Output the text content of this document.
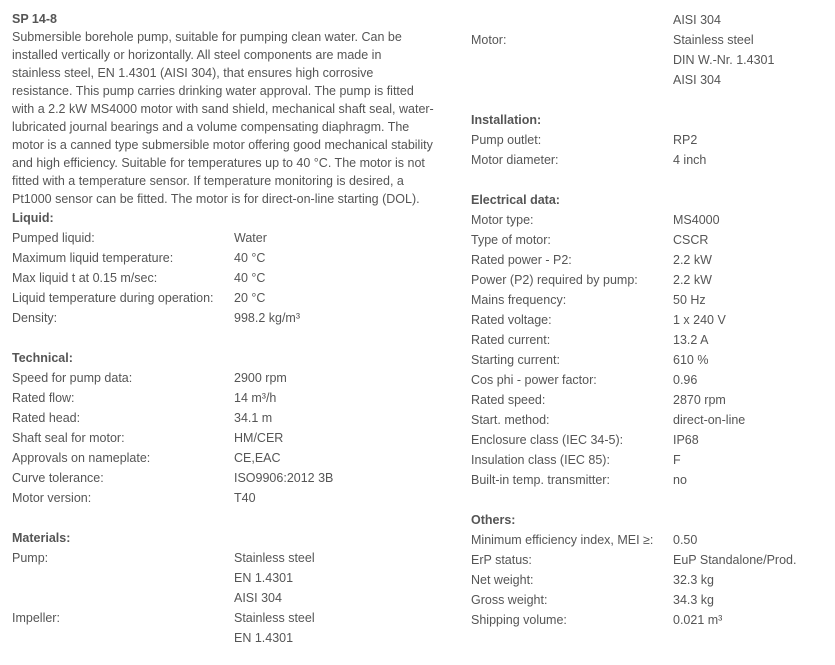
SP 14-8
Submersible borehole pump, suitable for pumping clean water. Can be
installed vertically or horizontally. All steel components are made in
stainless steel, EN 1.4301 (AISI 304), that ensures high corrosive
resistance. This pump carries drinking water approval. The pump is fitted
with a 2.2 kW MS4000 motor with sand shield, mechanical shaft seal, water-
lubricated journal bearings and a volume compensating diaphragm. The
motor is a canned type submersible motor offering good mechanical stability
and high efficiency. Suitable for temperatures up to 40 °C. The motor is not
fitted with a temperature sensor. If temperature monitoring is desired, a
Pt1000 sensor can be fitted. The motor is for direct-on-line starting (DOL).
Liquid:
Pumped liquid:	Water
Maximum liquid temperature:	40 °C
Max liquid t at 0.15 m/sec:	40 °C
Liquid temperature during operation:	20 °C
Density:	998.2 kg/m³
Technical:
Speed for pump data:	2900 rpm
Rated flow:	14 m³/h
Rated head:	34.1 m
Shaft seal for motor:	HM/CER
Approvals on nameplate:	CE,EAC
Curve tolerance:	ISO9906:2012 3B
Motor version:	T40
Materials:
Pump:	Stainless steel
EN 1.4301
AISI 304
Impeller:	Stainless steel
EN 1.4301
AISI 304
Motor:	Stainless steel
DIN W.-Nr. 1.4301
AISI 304
Installation:
Pump outlet:	RP2
Motor diameter:	4 inch
Electrical data:
Motor type:	MS4000
Type of motor:	CSCR
Rated power - P2:	2.2 kW
Power (P2) required by pump:	2.2 kW
Mains frequency:	50 Hz
Rated voltage:	1 x 240 V
Rated current:	13.2 A
Starting current:	610 %
Cos phi - power factor:	0.96
Rated speed:	2870 rpm
Start. method:	direct-on-line
Enclosure class (IEC 34-5):	IP68
Insulation class (IEC 85):	F
Built-in temp. transmitter:	no
Others:
Minimum efficiency index, MEI ≥:	0.50
ErP status:	EuP Standalone/Prod.
Net weight:	32.3 kg
Gross weight:	34.3 kg
Shipping volume:	0.021 m³
